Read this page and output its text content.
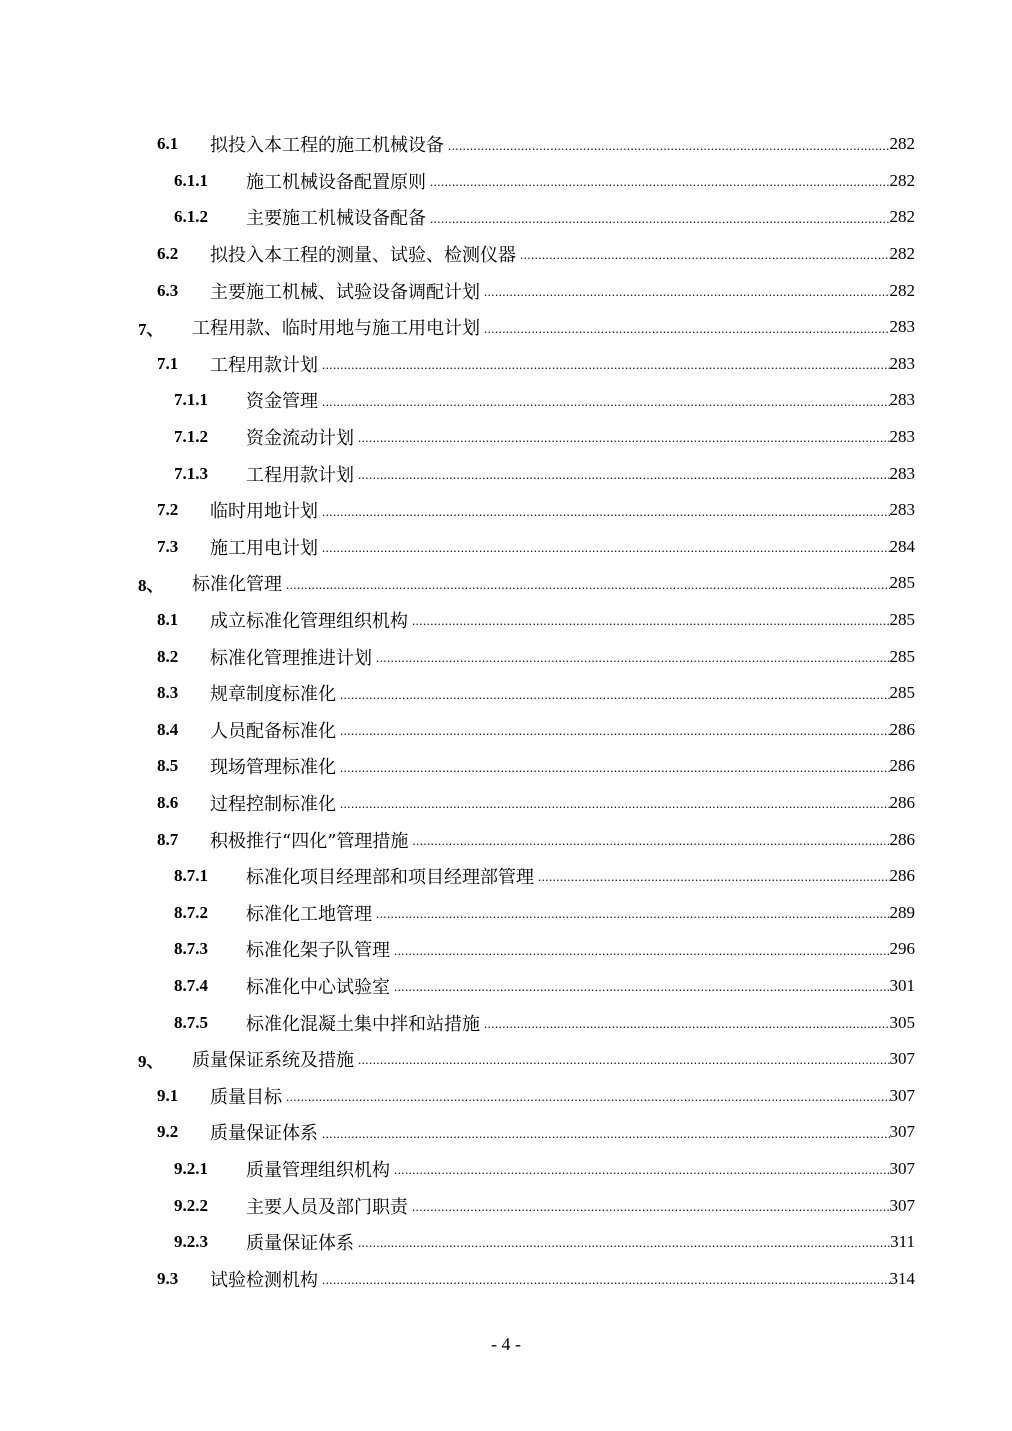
6.1	拟投入本工程的施工机械设备 .....	282
6.1.1	施工机械设备配置原则 .....	282
6.1.2	主要施工机械设备配备 .....	282
6.2	拟投入本工程的测量、试验、检测仪器 .....	282
6.3	主要施工机械、试验设备调配计划 .....	282
7、	工程用款、临时用地与施工用电计划 .....	283
7.1	工程用款计划 .....	283
7.1.1	资金管理 .....	283
7.1.2	资金流动计划 .....	283
7.1.3	工程用款计划 .....	283
7.2	临时用地计划 .....	283
7.3	施工用电计划 .....	284
8、	标准化管理 .....	285
8.1	成立标准化管理组织机构 .....	285
8.2	标准化管理推进计划 .....	285
8.3	规章制度标准化 .....	285
8.4	人员配备标准化 .....	286
8.5	现场管理标准化 .....	286
8.6	过程控制标准化 .....	286
8.7	积极推行“四化”管理措施 .....	286
8.7.1	标准化项目经理部和项目经理部管理 .....	286
8.7.2	标准化工地管理 .....	289
8.7.3	标准化架子队管理 .....	296
8.7.4	标准化中心试验室 .....	301
8.7.5	标准化混凝土集中拌和站措施 .....	305
9、	质量保证系统及措施 .....	307
9.1	质量目标 .....	307
9.2	质量保证体系 .....	307
9.2.1	质量管理组织机构 .....	307
9.2.2	主要人员及部门职责 .....	307
9.2.3	质量保证体系 .....	311
9.3	试验检测机构 .....	314
- 4 -
